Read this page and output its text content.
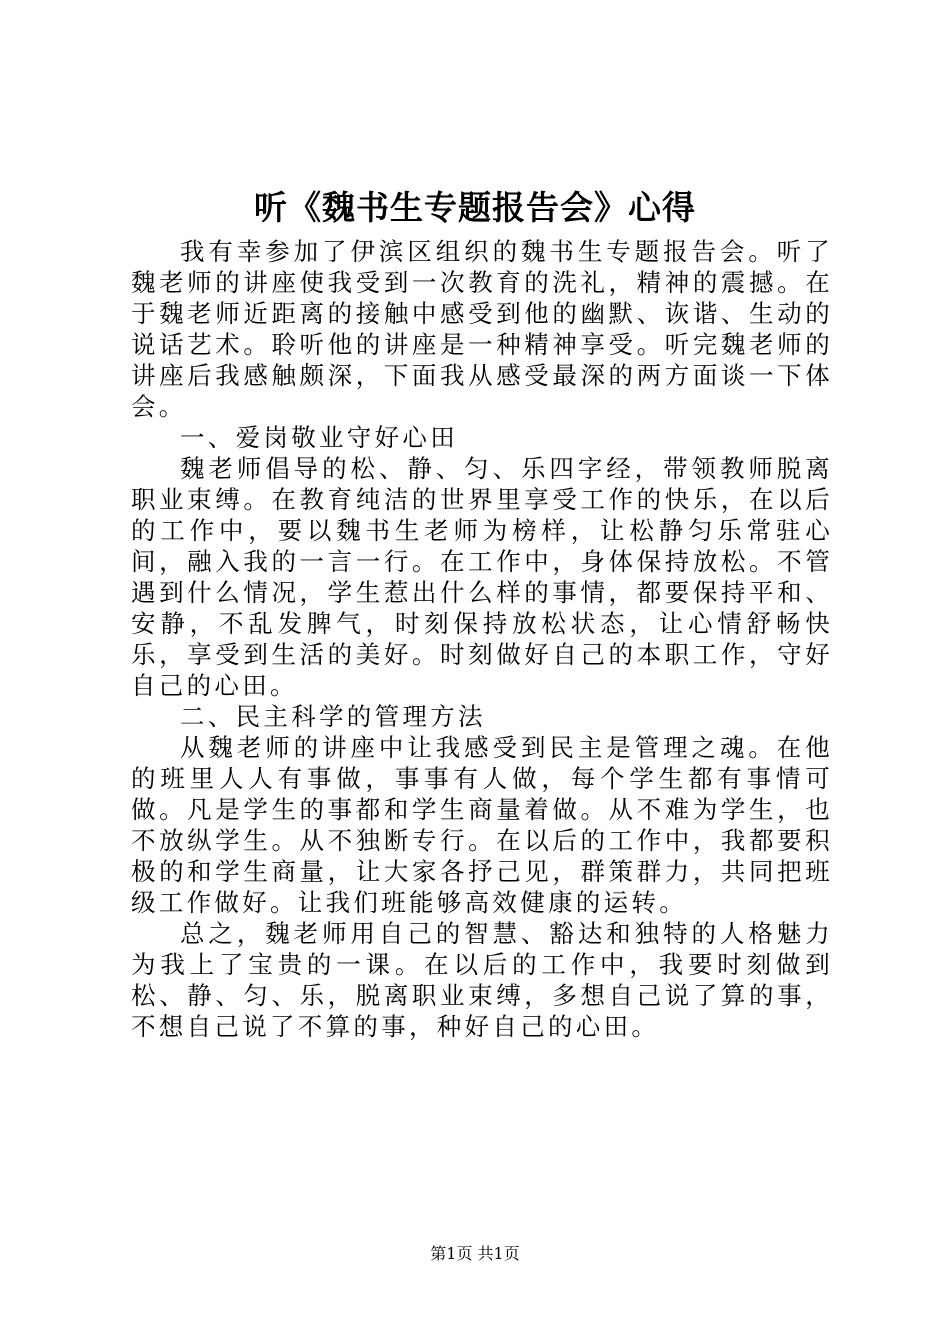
听《魏书生专题报告会》心得

我有幸参加了伊滨区组织的魏书生专题报告会。听了魏老师的讲座使我受到一次教育的洗礼，精神的震撼。在于魏老师近距离的接触中感受到他的幽默、诙谐、生动的说话艺术。聆听他的讲座是一种精神享受。听完魏老师的讲座后我感触颇深，下面我从感受最深的两方面谈一下体会。

一、爱岗敬业守好心田

魏老师倡导的松、静、匀、乐四字经，带领教师脱离职业束缚。在教育纯洁的世界里享受工作的快乐，在以后的工作中，要以魏书生老师为榜样，让松静匀乐常驻心间，融入我的一言一行。在工作中，身体保持放松。不管遇到什么情况，学生惹出什么样的事情，都要保持平和、安静，不乱发脾气，时刻保持放松状态，让心情舒畅快乐，享受到生活的美好。时刻做好自己的本职工作，守好自己的心田。

二、民主科学的管理方法

从魏老师的讲座中让我感受到民主是管理之魂。在他的班里人人有事做，事事有人做，每个学生都有事情可做。凡是学生的事都和学生商量着做。从不难为学生，也不放纵学生。从不独断专行。在以后的工作中，我都要积极的和学生商量，让大家各抒己见，群策群力，共同把班级工作做好。让我们班能够高效健康的运转。

总之，魏老师用自己的智慧、豁达和独特的人格魅力为我上了宝贵的一课。在以后的工作中，我要时刻做到松、静、匀、乐，脱离职业束缚，多想自己说了算的事，不想自己说了不算的事，种好自己的心田。

第1页 共1页
